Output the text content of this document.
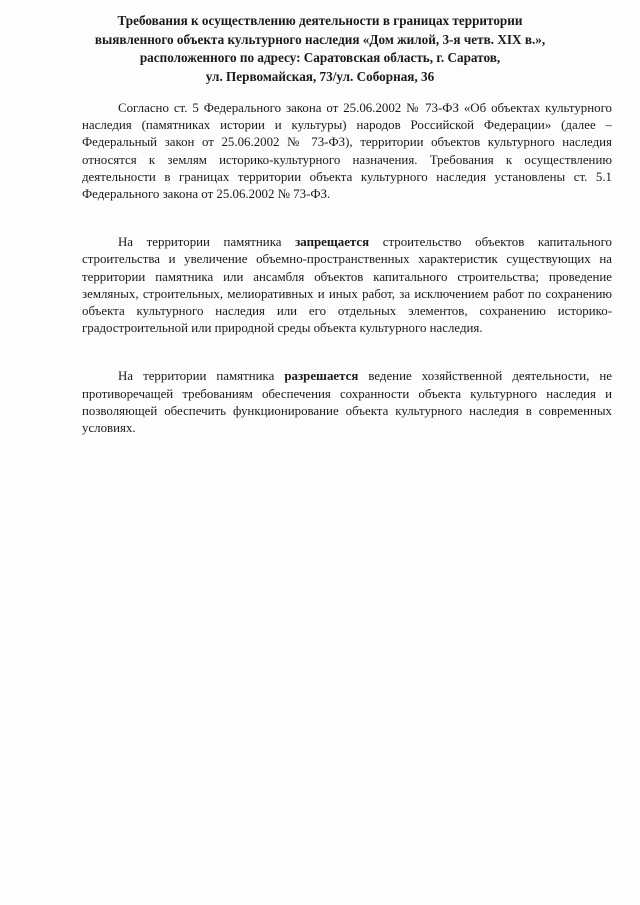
Требования к осуществлению деятельности в границах территории
выявленного объекта культурного наследия «Дом жилой, 3-я четв. XIX в.»,
расположенного по адресу: Саратовская область, г. Саратов,
ул. Первомайская, 73/ул. Соборная, 36

Согласно ст. 5 Федерального закона от 25.06.2002 № 73-ФЗ «Об объектах культурного наследия (памятниках истории и культуры) народов Российской Федерации» (далее – Федеральный закон от 25.06.2002 № 73-ФЗ), территории объектов культурного наследия относятся к землям историко-культурного назначения. Требования к осуществлению деятельности в границах территории объекта культурного наследия установлены ст. 5.1 Федерального закона от 25.06.2002 № 73-ФЗ.

На территории памятника запрещается строительство объектов капитального строительства и увеличение объемно-пространственных характеристик существующих на территории памятника или ансамбля объектов капитального строительства; проведение земляных, строительных, мелиоративных и иных работ, за исключением работ по сохранению объекта культурного наследия или его отдельных элементов, сохранению историко-градостроительной или природной среды объекта культурного наследия.

На территории памятника разрешается ведение хозяйственной деятельности, не противоречащей требованиям обеспечения сохранности объекта культурного наследия и позволяющей обеспечить функционирование объекта культурного наследия в современных условиях.
